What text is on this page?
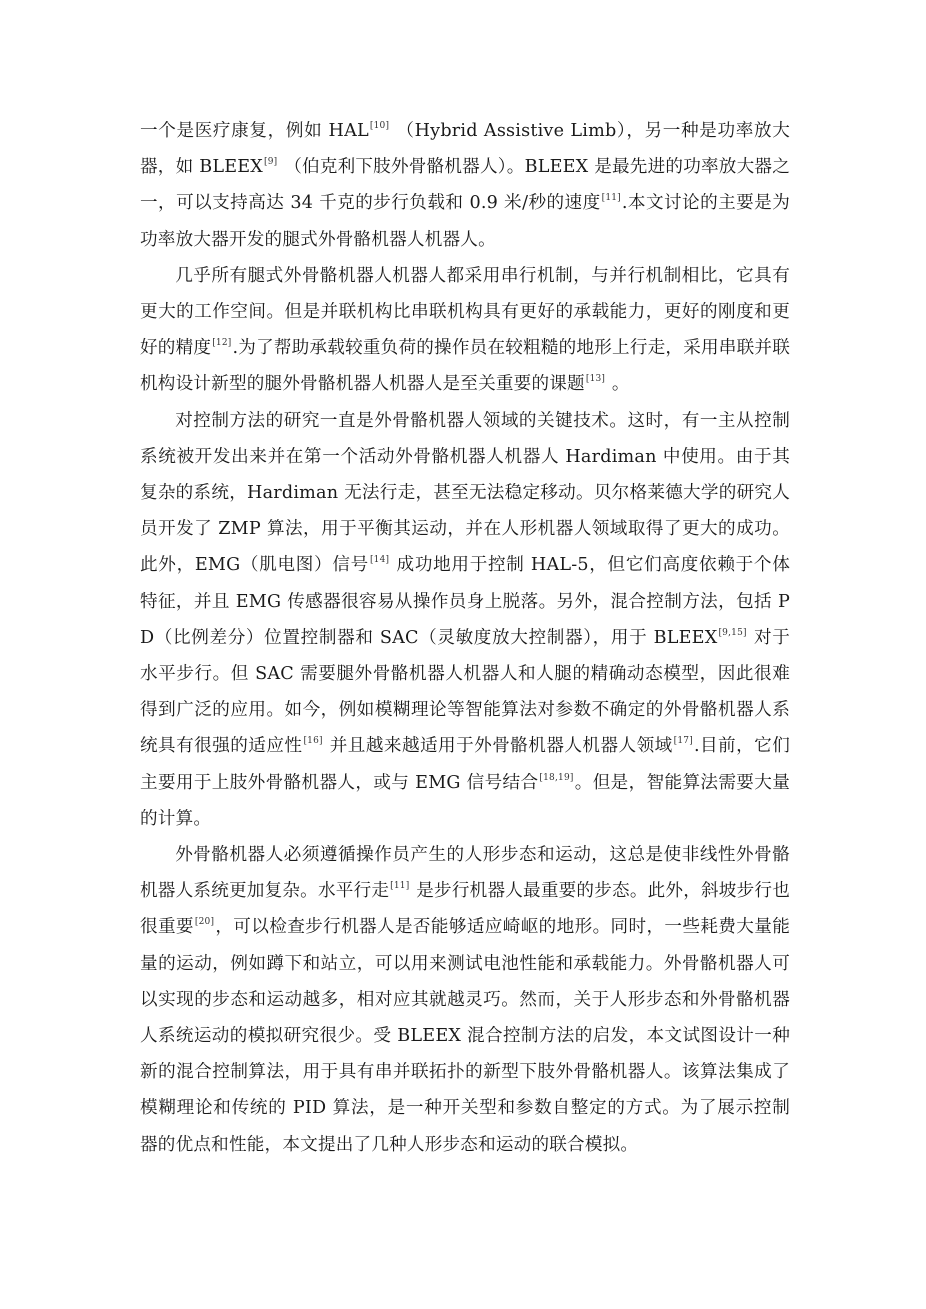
一个是医疗康复，例如 HAL[10] （Hybrid Assistive Limb），另一种是功率放大器，如 BLEEX[9] （伯克利下肢外骨骼机器人）。BLEEX 是最先进的功率放大器之一，可以支持高达 34 千克的步行负载和 0.9 米/秒的速度[11].本文讨论的主要是为功率放大器开发的腿式外骨骼机器人机器人。

几乎所有腿式外骨骼机器人机器人都采用串行机制，与并行机制相比，它具有更大的工作空间。但是并联机构比串联机构具有更好的承载能力，更好的刚度和更好的精度[12].为了帮助承载较重负荷的操作员在较粗糙的地形上行走，采用串联并联机构设计新型的腿外骨骼机器人机器人是至关重要的课题[13] 。

对控制方法的研究一直是外骨骼机器人领域的关键技术。这时，有一主从控制系统被开发出来并在第一个活动外骨骼机器人机器人 Hardiman 中使用。由于其复杂的系统，Hardiman 无法行走，甚至无法稳定移动。贝尔格莱德大学的研究人员开发了 ZMP 算法，用于平衡其运动，并在人形机器人领域取得了更大的成功。此外，EMG（肌电图）信号[14] 成功地用于控制 HAL-5，但它们高度依赖于个体特征，并且 EMG 传感器很容易从操作员身上脱落。另外，混合控制方法，包括 PD（比例差分）位置控制器和 SAC（灵敏度放大控制器），用于 BLEEX[9,15] 对于水平步行。但 SAC 需要腿外骨骼机器人机器人和人腿的精确动态模型，因此很难得到广泛的应用。如今，例如模糊理论等智能算法对参数不确定的外骨骼机器人系统具有很强的适应性[16] 并且越来越适用于外骨骼机器人机器人领域[17].目前，它们主要用于上肢外骨骼机器人，或与 EMG 信号结合[18,19]。但是，智能算法需要大量的计算。

外骨骼机器人必须遵循操作员产生的人形步态和运动，这总是使非线性外骨骼机器人系统更加复杂。水平行走[11] 是步行机器人最重要的步态。此外，斜坡步行也很重要[20]，可以检查步行机器人是否能够适应崎岖的地形。同时，一些耗费大量能量的运动，例如蹲下和站立，可以用来测试电池性能和承载能力。外骨骼机器人可以实现的步态和运动越多，相对应其就越灵巧。然而，关于人形步态和外骨骼机器人系统运动的模拟研究很少。受 BLEEX 混合控制方法的启发，本文试图设计一种新的混合控制算法，用于具有串并联拓扑的新型下肢外骨骼机器人。该算法集成了模糊理论和传统的 PID 算法，是一种开关型和参数自整定的方式。为了展示控制器的优点和性能，本文提出了几种人形步态和运动的联合模拟。
